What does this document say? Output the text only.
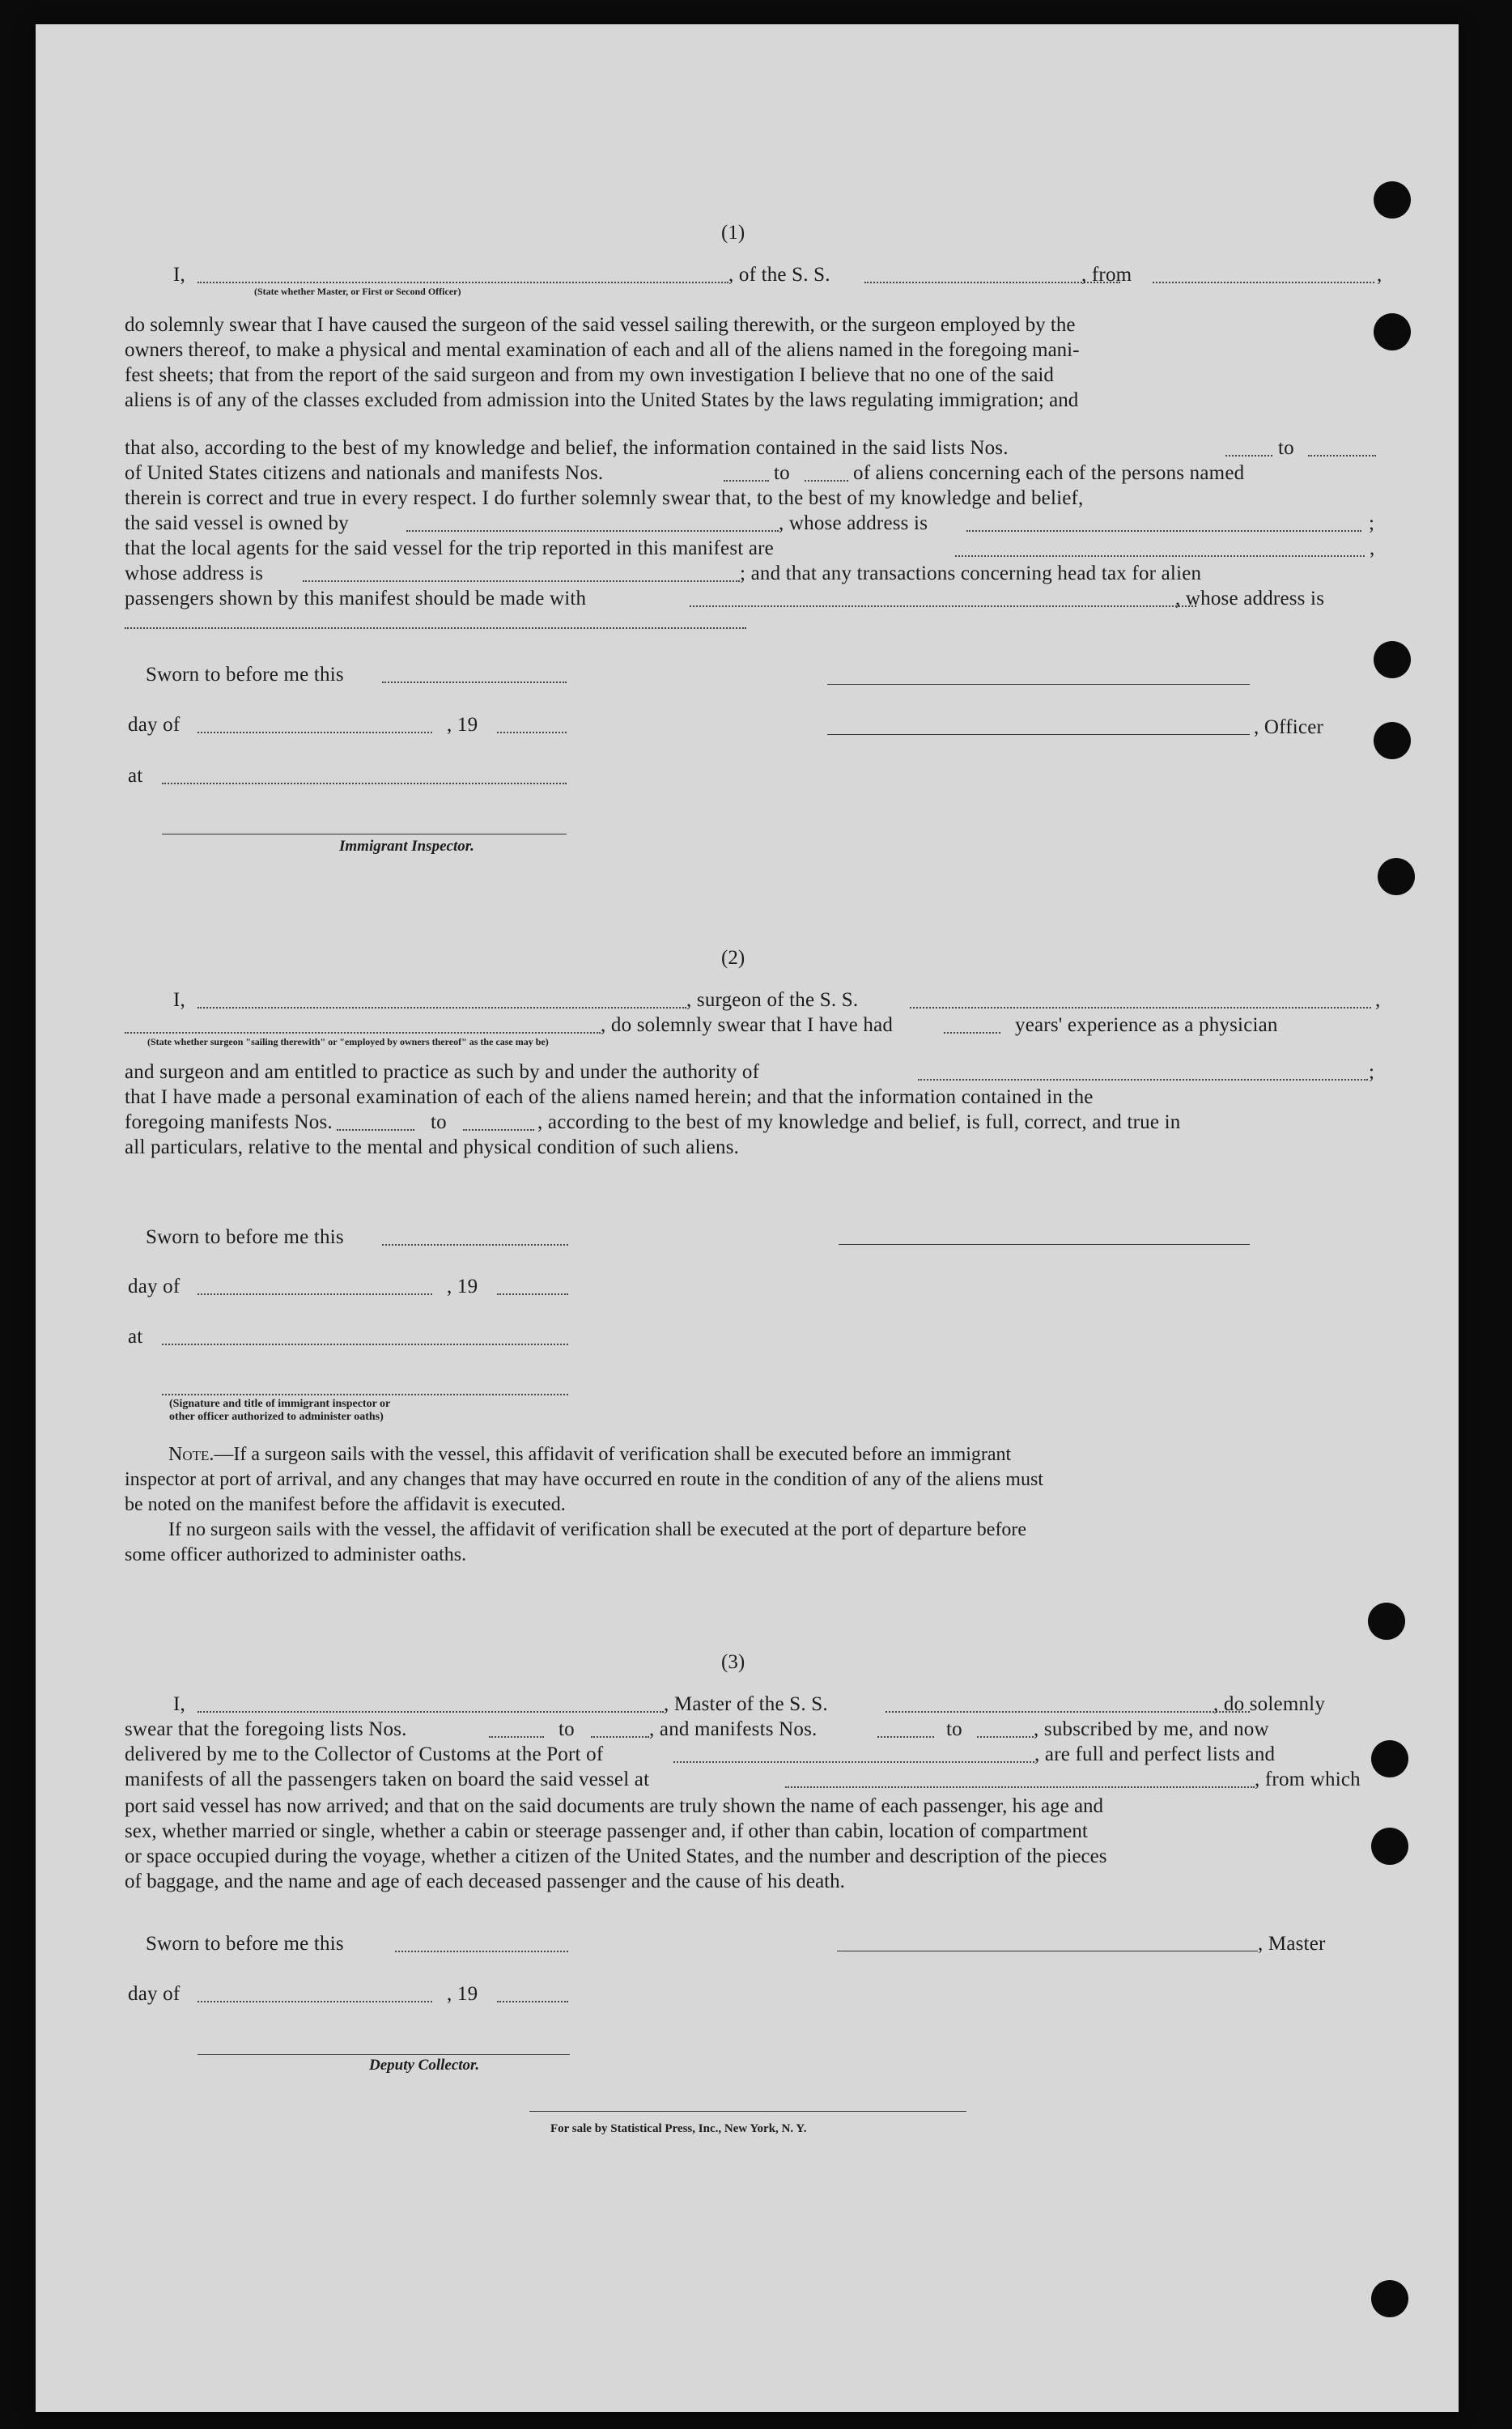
(1)
I,	, of the S. S.	, from	,
(State whether Master, or First or Second Officer)
do solemnly swear that I have caused the surgeon of the said vessel sailing therewith, or the surgeon employed by the
owners thereof, to make a physical and mental examination of each and all of the aliens named in the foregoing mani-
fest sheets; that from the report of the said surgeon and from my own investigation I believe that no one of the said
aliens is of any of the classes excluded from admission into the United States by the laws regulating immigration; and
that also, according to the best of my knowledge and belief, the information contained in the said lists Nos.	to
of United States citizens and nationals and manifests Nos.	to	of aliens concerning each of the persons named
therein is correct and true in every respect. I do further solemnly swear that, to the best of my knowledge and belief,
the said vessel is owned by	, whose address is	;
that the local agents for the said vessel for the trip reported in this manifest are	,
whose address is	; and that any transactions concerning head tax for alien
passengers shown by this manifest should be made with	, whose address is
Sworn to before me this
day of	, 19
at
Immigrant Inspector.
, Officer
(2)
I,	, surgeon of the S. S.	,
, do solemnly swear that I have had	years' experience as a physician
(State whether surgeon "sailing therewith" or "employed by owners thereof" as the case may be)
and surgeon and am entitled to practice as such by and under the authority of	;
that I have made a personal examination of each of the aliens named herein; and that the information contained in the
foregoing manifests Nos.	to	, according to the best of my knowledge and belief, is full, correct, and true in
all particulars, relative to the mental and physical condition of such aliens.
Sworn to before me this
day of	, 19
at
(Signature and title of immigrant inspector or
other officer authorized to administer oaths)
Note.—If a surgeon sails with the vessel, this affidavit of verification shall be executed before an immigrant
inspector at port of arrival, and any changes that may have occurred en route in the condition of any of the aliens must
be noted on the manifest before the affidavit is executed.
If no surgeon sails with the vessel, the affidavit of verification shall be executed at the port of departure before
some officer authorized to administer oaths.
(3)
I,	, Master of the S. S.	, do solemnly
swear that the foregoing lists Nos.	to	, and manifests Nos.	to	, subscribed by me, and now
delivered by me to the Collector of Customs at the Port of	, are full and perfect lists and
manifests of all the passengers taken on board the said vessel at	, from which
port said vessel has now arrived; and that on the said documents are truly shown the name of each passenger, his age and
sex, whether married or single, whether a cabin or steerage passenger and, if other than cabin, location of compartment
or space occupied during the voyage, whether a citizen of the United States, and the number and description of the pieces
of baggage, and the name and age of each deceased passenger and the cause of his death.
Sworn to before me this	, Master
day of	, 19
Deputy Collector.
For sale by Statistical Press, Inc., New York, N. Y.
